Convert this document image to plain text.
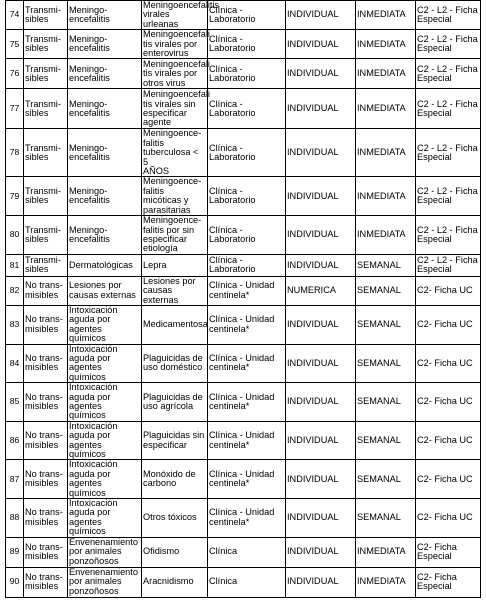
74	Transmi-
sibles	Meningo-
encefalitis	Meningoencefalitis virales
urleanas	Clínica - Laboratorio	INDIVIDUAL	INMEDIATA	C2 - L2 - Ficha
Especial
75	Transmi-
sibles	Meningo-
encefalitis	Meningoencefali
tis virales por
enterovirus	Clínica - Laboratorio	INDIVIDUAL	INMEDIATA	C2 - L2 - Ficha
Especial
76	Transmi-
sibles	Meningo-
encefalitis	Meningoencefali
tis virales por
otros virus	Clínica - Laboratorio	INDIVIDUAL	INMEDIATA	C2 - L2 - Ficha
Especial
77	Transmi-
sibles	Meningo-
encefalitis	Meningoencefali
tis virales sin
especificar
agente	Clínica - Laboratorio	INDIVIDUAL	INMEDIATA	C2 - L2 - Ficha
Especial
78	Transmi-
sibles	Meningo-
encefalitis	Meningoence-
falitis
tuberculosa < 5
AÑOS	Clínica - Laboratorio	INDIVIDUAL	INMEDIATA	C2 - L2 - Ficha
Especial
79	Transmi-
sibles	Meningo-
encefalitis	Meningoence-
falitis
micóticas y
parasitarias	Clínica - Laboratorio	INDIVIDUAL	INMEDIATA	C2 - L2 - Ficha
Especial
80	Transmi-
sibles	Meningo-
encefalitis	Meningoence-
falitis por sin
especificar
etiología	Clínica - Laboratorio	INDIVIDUAL	INMEDIATA	C2 - L2 - Ficha
Especial
81	Transmi-
sibles	Dermatológicas	Lepra	Clínica - Laboratorio	INDIVIDUAL	SEMANAL	C2 - L2 - Ficha
Especial
82	No trans-
misibles	Lesiones por
causas externas	Lesiones por
causas externas	Clínica - Unidad
centinela*	NUMERICA	SEMANAL	C2- Ficha UC
83	No trans-
misibles	Intoxicación
aguda por agentes
químicos	Medicamentosa	Clínica - Unidad
centinela*	INDIVIDUAL	SEMANAL	C2- Ficha UC
84	No trans-
misibles	Intoxicación
aguda por agentes
químicos	Plaguicidas de
uso doméstico	Clínica - Unidad
centinela*	INDIVIDUAL	SEMANAL	C2- Ficha UC
85	No trans-
misibles	Intoxicación
aguda por agentes
químicos	Plaguicidas de
uso agrícola	Clínica - Unidad
centinela*	INDIVIDUAL	SEMANAL	C2- Ficha UC
86	No trans-
misibles	Intoxicación
aguda por agentes
químicos	Plaguicidas sin
especificar	Clínica - Unidad
centinela*	INDIVIDUAL	SEMANAL	C2- Ficha UC
87	No trans-
misibles	Intoxicación
aguda por agentes
químicos	Monóxido de
carbono	Clínica - Unidad
centinela*	INDIVIDUAL	SEMANAL	C2- Ficha UC
88	No trans-
misibles	Intoxicación
aguda por agentes
químicos	Otros tóxicos	Clínica - Unidad
centinela*	INDIVIDUAL	SEMANAL	C2- Ficha UC
89	No trans-
misibles	Envenenamiento
por animales
ponzoñosos	Ofidismo	Clínica	INDIVIDUAL	INMEDIATA	C2- Ficha
Especial
90	No trans-
misibles	Envenenamiento
por animales
ponzoñosos	Aracnidismo	Clínica	INDIVIDUAL	INMEDIATA	C2- Ficha
Especial
